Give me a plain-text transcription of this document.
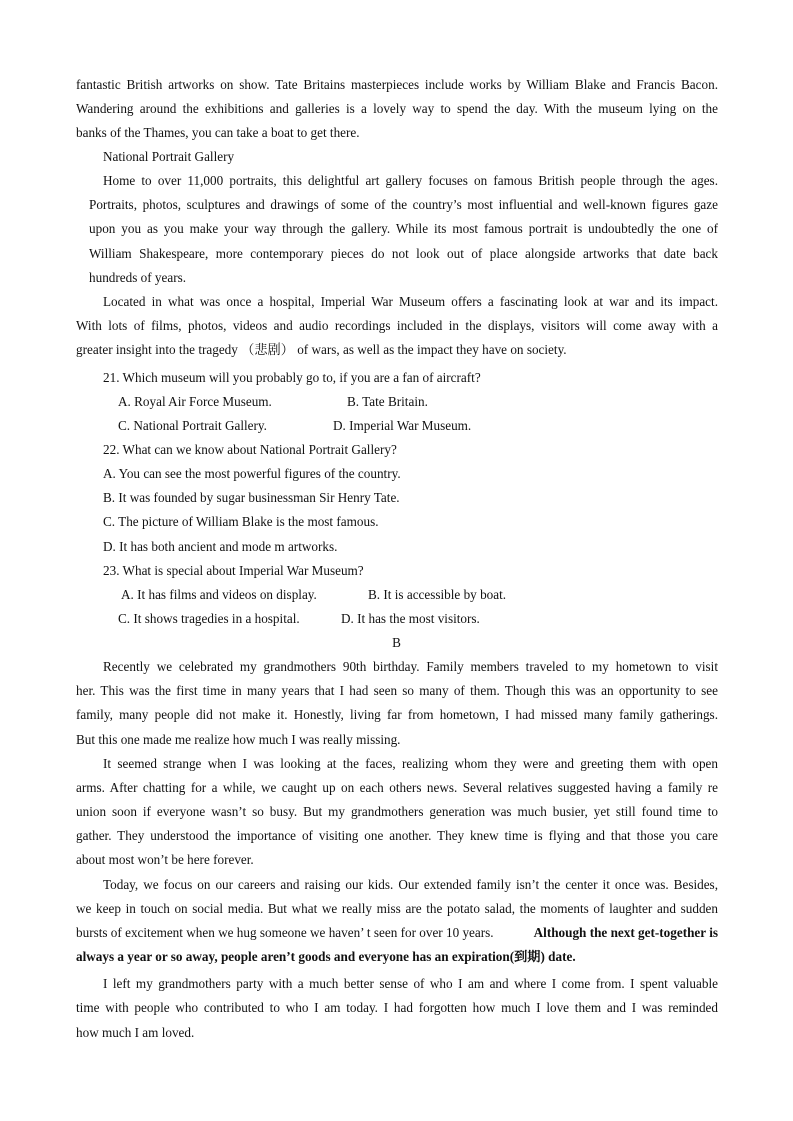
fantastic British artworks on show. Tate Britains masterpieces include works by William Blake and Francis Bacon.
Wandering around the exhibitions and galleries is a lovely way to spend the day. With the museum lying on the
banks of the Thames, you can take a boat to get there.
National Portrait Gallery
Home to over 11,000 portraits, this delightful art gallery focuses on famous British people through the ages.
Portraits, photos, sculptures and drawings of some of the country’s most influential and well-known figures gaze
upon you as you make your way through the gallery. While its most famous portrait is undoubtedly the one of
William Shakespeare, more contemporary pieces do not look out of place alongside artworks that date back
hundreds of years.
Located in what was once a hospital, Imperial War Museum offers a fascinating look at war and its impact.
With lots of films, photos, videos and audio recordings included in the displays, visitors will come away with a
greater insight into the tragedy （悲剧） of wars, as well as the impact they have on society.
21. Which museum will you probably go to, if you are a fan of aircraft?
A. Royal Air Force Museum.	B. Tate Britain.
C. National Portrait Gallery.	D. Imperial War Museum.
22. What can we know about National Portrait Gallery?
A. You can see the most powerful figures of the country.
B. It was founded by sugar businessman Sir Henry Tate.
C. The picture of William Blake is the most famous.
D. It has both ancient and mode m artworks.
23. What is special about Imperial War Museum?
A. It has films and videos on display.	B. It is accessible by boat.
C. It shows tragedies in a hospital.	D. It has the most visitors.
B
Recently we celebrated my grandmothers 90th birthday. Family members traveled to my hometown to visit
her. This was the first time in many years that I had seen so many of them. Though this was an opportunity to see
family, many people did not make it. Honestly, living far from hometown, I had missed many family gatherings.
But this one made me realize how much I was really missing.
It seemed strange when I was looking at the faces, realizing whom they were and greeting them with open
arms. After chatting for a while, we caught up on each others news. Several relatives suggested having a family re
union soon if everyone wasn’t so busy. But my grandmothers generation was much busier, yet still found time to
gather. They understood the importance of visiting one another. They knew time is flying and that those you care
about most won’t be here forever.
Today, we focus on our careers and raising our kids. Our extended family isn’t the center it once was. Besides,
we keep in touch on social media. But what we really miss are the potato salad, the moments of laughter and sudden
bursts of excitement when we hug someone we haven’ t seen for over 10 years.	Although the next get-together is
always a year or so away, people aren’t goods and everyone has an expiration(到期) date.
I left my grandmothers party with a much better sense of who I am and where I come from. I spent valuable
time with people who contributed to who I am today. I had forgotten how much I love them and I was reminded
how much I am loved.
